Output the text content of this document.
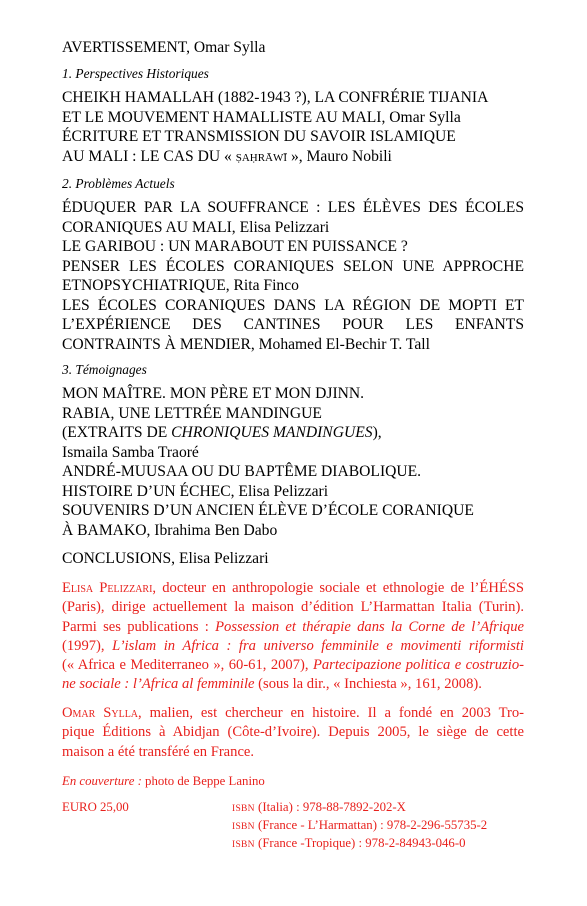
AVERTISSEMENT, Omar Sylla
1. Perspectives Historiques
CHEIKH HAMALLAH (1882-1943 ?), LA CONFRÉRIE TIJANIA
ET LE MOUVEMENT HAMALLISTE AU MALI, Omar Sylla
ÉCRITURE ET TRANSMISSION DU SAVOIR ISLAMIQUE
AU MALI : LE CAS DU « ṢAḤRĀWĪ », Mauro Nobili
2. Problèmes Actuels
ÉDUQUER PAR LA SOUFFRANCE : LES ÉLÈVES DES ÉCOLES
CORANIQUES AU MALI, Elisa Pelizzari
LE GARIBOU : UN MARABOUT EN PUISSANCE ?
PENSER LES ÉCOLES CORANIQUES SELON UNE APPROCHE
ETNOPSYCHIATRIQUE, Rita Finco
LES ÉCOLES CORANIQUES DANS LA RÉGION DE MOPTI ET
L’EXPÉRIENCE DES CANTINES POUR LES ENFANTS
CONTRAINTS À MENDIER, Mohamed El-Bechir T. Tall
3. Témoignages
MON MAÎTRE. MON PÈRE ET MON DJINN.
RABIA, UNE LETTRÉE MANDINGUE
(EXTRAITS DE CHRONIQUES MANDINGUES),
Ismaila Samba Traoré
ANDRÉ-MUUSAA OU DU BAPTÊME DIABOLIQUE.
HISTOIRE D’UN ÉCHEC, Elisa Pelizzari
SOUVENIRS D’UN ANCIEN ÉLÈVE D’ÉCOLE CORANIQUE
À BAMAKO, Ibrahima Ben Dabo
CONCLUSIONS, Elisa Pelizzari
Elisa Pelizzari, docteur en anthropologie sociale et ethnologie de l’ÉHÉSS
(Paris), dirige actuellement la maison d’édition L’Harmattan Italia (Turin).
Parmi ses publications : Possession et thérapie dans la Corne de l’Afrique
(1997), L’islam in Africa : fra universo femminile e movimenti riformisti
(« Africa e Mediterraneo », 60-61, 2007), Partecipazione politica e costruzio-
ne sociale : l’Africa al femminile (sous la dir., « Inchiesta », 161, 2008).
Omar Sylla, malien, est chercheur en histoire. Il a fondé en 2003 Tro-
pique Éditions à Abidjan (Côte-d’Ivoire). Depuis 2005, le siège de cette
maison a été transféré en France.
En couverture : photo de Beppe Lanino
EURO 25,00	ISBN (Italia) : 978-88-7892-202-X
ISBN (France - L’Harmattan) : 978-2-296-55735-2
ISBN (France -Tropique) : 978-2-84943-046-0
